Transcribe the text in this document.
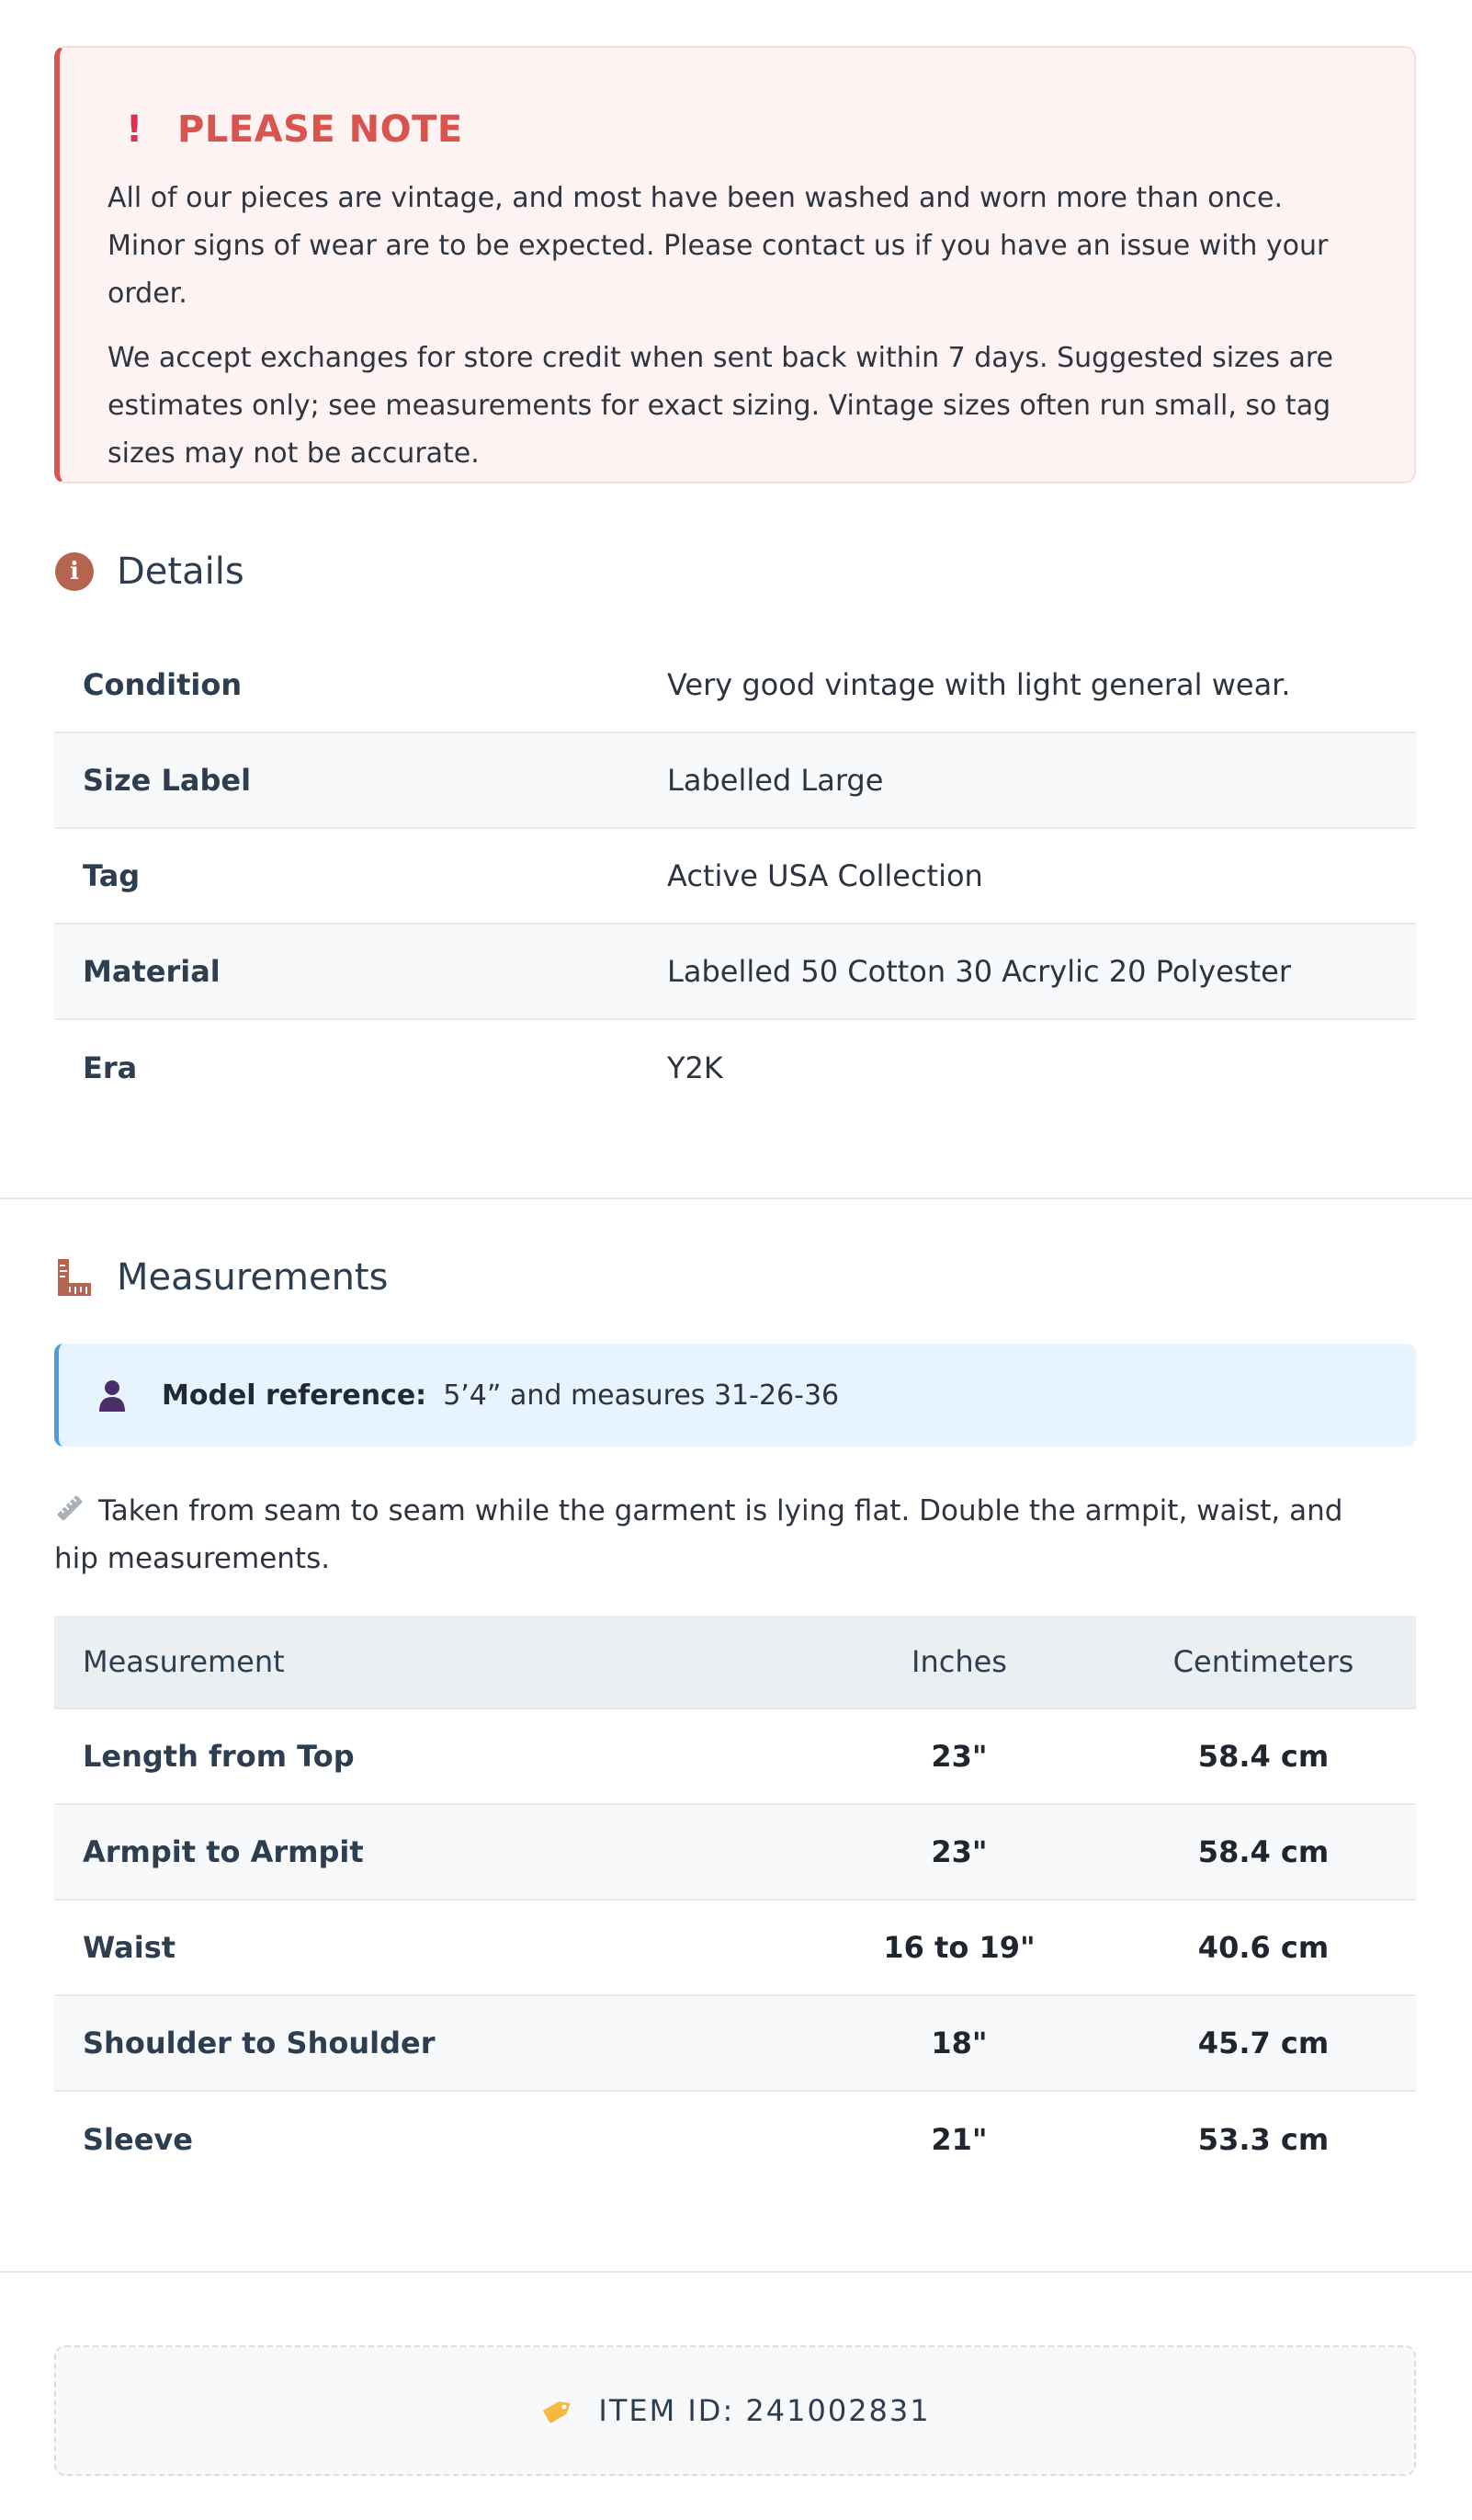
! PLEASE NOTE

All of our pieces are vintage, and most have been washed and worn more than once. Minor signs of wear are to be expected. Please contact us if you have an issue with your order.

We accept exchanges for store credit when sent back within 7 days. Suggested sizes are estimates only; see measurements for exact sizing. Vintage sizes often run small, so tag sizes may not be accurate.

i	Details
Condition	Very good vintage with light general wear.
Size Label	Labelled Large
Tag	Active USA Collection
Material	Labelled 50 Cotton 30 Acrylic 20 Polyester
Era	Y2K
Measurements
Model reference: 5’4” and measures 31-26-36
Taken from seam to seam while the garment is lying flat. Double the armpit, waist, and hip measurements.
Measurement	Inches	Centimeters
Length from Top	23"	58.4 cm
Armpit to Armpit	23"	58.4 cm
Waist	16 to 19"	40.6 cm
Shoulder to Shoulder	18"	45.7 cm
Sleeve	21"	53.3 cm
ITEM ID: 241002831
